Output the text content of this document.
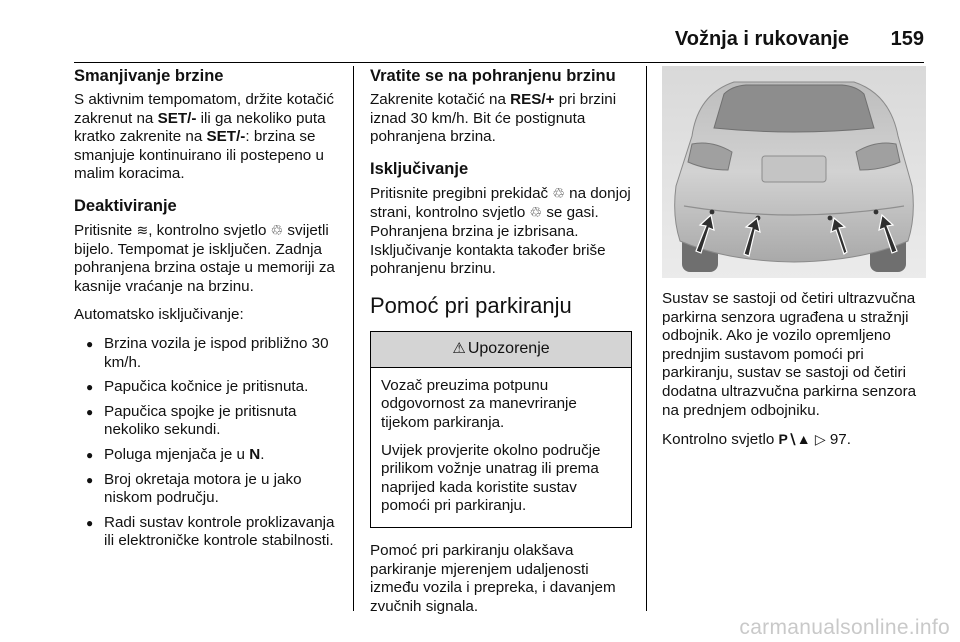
Vožnja i rukovanje 159
Smanjivanje brzine

S aktivnim tempomatom, držite kotačić zakrenut na SET/- ili ga nekoliko puta kratko zakrenite na SET/-: brzina se smanjuje kontinuirano ili postepeno u malim koracima.

Deaktiviranje

Pritisnite ≋, kontrolno svjetlo ♲ svijetli bijelo. Tempomat je isključen. Zadnja pohranjena brzina ostaje u memoriji za kasnije vraćanje na brzinu.

Automatsko isključivanje:

● Brzina vozila je ispod približno 30 km/h.
● Papučica kočnice je pritisnuta.
● Papučica spojke je pritisnuta nekoliko sekundi.
● Poluga mjenjača je u N.
● Broj okretaja motora je u jako niskom području.
● Radi sustav kontrole proklizavanja ili elektroničke kontrole stabilnosti.
Vratite se na pohranjenu brzinu

Zakrenite kotačić na RES/+ pri brzini iznad 30 km/h. Bit će postignuta pohranjena brzina.

Isključivanje

Pritisnite pregibni prekidač ♲ na donjoj strani, kontrolno svjetlo ♲ se gasi. Pohranjena brzina je izbrisana. Isključivanje kontakta također briše pohranjenu brzinu.

Pomoć pri parkiranju
⚠ Upozorenje

Vozač preuzima potpunu odgovornost za manevriranje tijekom parkiranja.

Uvijek provjerite okolno područje prilikom vožnje unatrag ili prema naprijed kada koristite sustav pomoći pri parkiranju.

Pomoć pri parkiranju olakšava parkiranje mjerenjem udaljenosti između vozila i prepreka, i davanjem zvučnih signala.

Sustav se sastoji od četiri ultrazvučna parkirna senzora ugrađena u stražnji odbojnik. Ako je vozilo opremljeno prednjim sustavom pomoći pri parkiranju, sustav se sastoji od četiri dodatna ultrazvučna parkirna senzora na prednjem odbojniku.

Kontrolno svjetlo P∖▲ ▷ 97.

carmanualsonline.info
